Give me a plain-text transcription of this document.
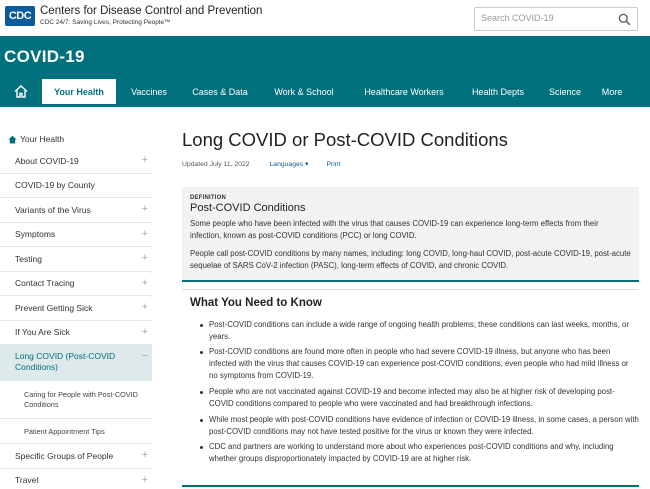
CDC Centers for Disease Control and Prevention
CDC 24/7: Saving Lives, Protecting People™
Search COVID-19
COVID-19
Your Health	Vaccines	Cases & Data	Work & School	Healthcare Workers	Health Depts	Science	More
Your Health
About COVID-19	+
COVID-19 by County
Variants of the Virus	+
Symptoms	+
Testing	+
Contact Tracing	+
Prevent Getting Sick	+
If You Are Sick	+
Long COVID (Post-COVID Conditions)
−
Caring for People with Post-COVID Conditions
Patient Appointment Tips
Specific Groups of People	+
Travel	+
Long COVID or Post-COVID Conditions
Updated July 11, 2022	Languages ▾	Print
DEFINITION
Post-COVID Conditions

Some people who have been infected with the virus that causes COVID-19 can experience long-term effects from their infection, known as post-COVID conditions (PCC) or long COVID.

People call post-COVID conditions by many names, including: long COVID, long-haul COVID, post-acute COVID-19, post-acute sequelae of SARS CoV-2 infection (PASC), long-term effects of COVID, and chronic COVID.

What You Need to Know
Post-COVID conditions can include a wide range of ongoing health problems; these conditions can last weeks, months, or years.
Post-COVID conditions are found more often in people who had severe COVID-19 illness, but anyone who has been infected with the virus that causes COVID-19 can experience post-COVID conditions, even people who had mild illness or no symptoms from COVID-19.
People who are not vaccinated against COVID-19 and become infected may also be at higher risk of developing post-COVID conditions compared to people who were vaccinated and had breakthrough infections.
While most people with post-COVID conditions have evidence of infection or COVID-19 illness, in some cases, a person with post-COVID conditions may not have tested positive for the virus or known they were infected.
CDC and partners are working to understand more about who experiences post-COVID conditions and why, including whether groups disproportionately impacted by COVID-19 are at higher risk.
